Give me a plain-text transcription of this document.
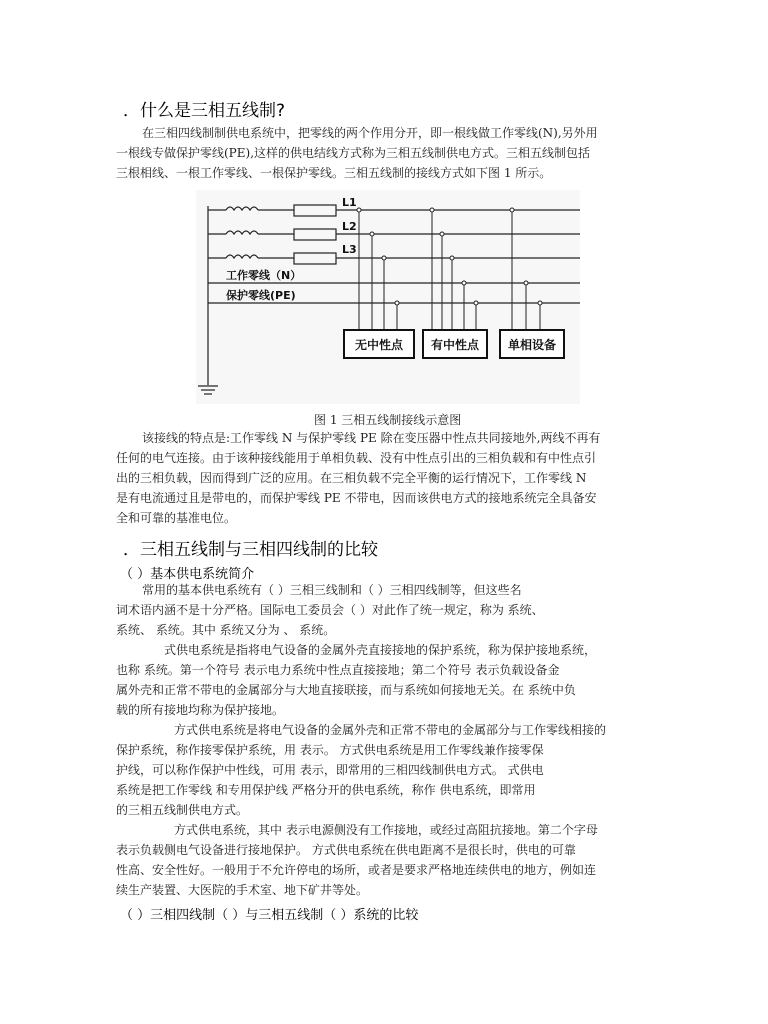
．什么是三相五线制?
在三相四线制制供电系统中，把零线的两个作用分开，即一根线做工作零线(N),另外用
一根线专做保护零线(PE),这样的供电结线方式称为三相五线制供电方式。三相五线制包括
三根相线、一根工作零线、一根保护零线。三相五线制的接线方式如下图 1 所示。
L1
L2
L3
工作零线（N）
保护零线(PE)
无中性点 有中性点 单相设备
图 1 三相五线制接线示意图
该接线的特点是:工作零线 N 与保护零线 PE 除在变压器中性点共同接地外,两线不再有
任何的电气连接。由于该种接线能用于单相负载、没有中性点引出的三相负载和有中性点引
出的三相负载，因而得到广泛的应用。在三相负载不完全平衡的运行情况下，工作零线 N
是有电流通过且是带电的，而保护零线 PE 不带电，因而该供电方式的接地系统完全具备安
全和可靠的基准电位。
．三相五线制与三相四线制的比较
（ ）基本供电系统简介
常用的基本供电系统有（ ）三相三线制和（ ）三相四线制等，但这些名
词术语内涵不是十分严格。国际电工委员会（ ）对此作了统一规定，称为 系统、
系统、 系统。其中 系统又分为 、 系统。
式供电系统是指将电气设备的金属外壳直接接地的保护系统，称为保护接地系统，
也称 系统。第一个符号 表示电力系统中性点直接接地；第二个符号 表示负载设备金
属外壳和正常不带电的金属部分与大地直接联接，而与系统如何接地无关。在 系统中负
载的所有接地均称为保护接地。
方式供电系统是将电气设备的金属外壳和正常不带电的金属部分与工作零线相接的
保护系统，称作接零保护系统，用 表示。 方式供电系统是用工作零线兼作接零保
护线，可以称作保护中性线，可用 表示，即常用的三相四线制供电方式。 式供电
系统是把工作零线 和专用保护线 严格分开的供电系统，称作 供电系统，即常用
的三相五线制供电方式。
方式供电系统，其中 表示电源侧没有工作接地，或经过高阻抗接地。第二个字母
表示负载侧电气设备进行接地保护。 方式供电系统在供电距离不是很长时，供电的可靠
性高、安全性好。一般用于不允许停电的场所，或者是要求严格地连续供电的地方，例如连
续生产装置、大医院的手术室、地下矿井等处。
（ ）三相四线制（ ）与三相五线制（ ）系统的比较
